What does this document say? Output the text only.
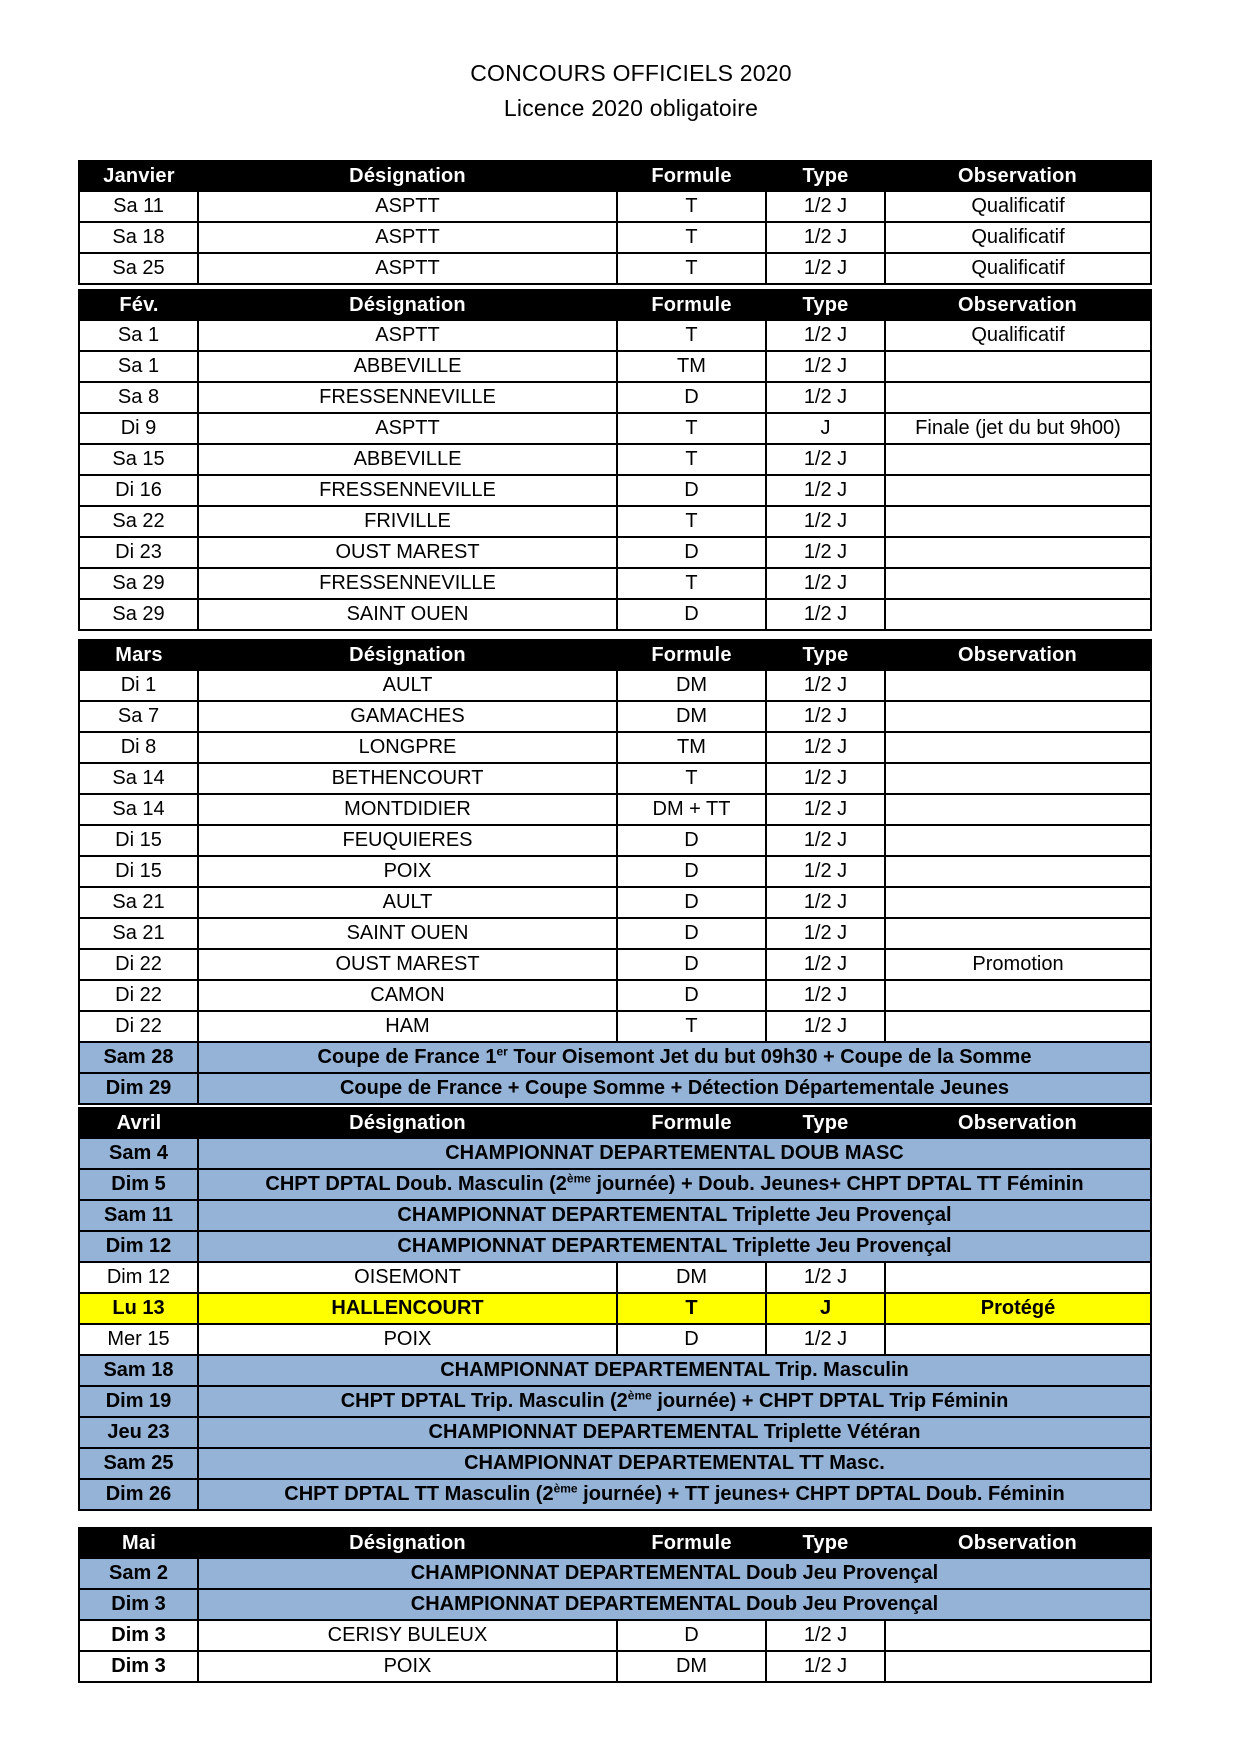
CONCOURS OFFICIELS 2020
Licence 2020 obligatoire
Janvier	Désignation	Formule	Type	Observation
Sa 11	ASPTT	T	1/2 J	Qualificatif
Sa 18	ASPTT	T	1/2 J	Qualificatif
Sa 25	ASPTT	T	1/2 J	Qualificatif
Fév.	Désignation	Formule	Type	Observation
Sa 1	ASPTT	T	1/2 J	Qualificatif
Sa 1	ABBEVILLE	TM	1/2 J	
Sa 8	FRESSENNEVILLE	D	1/2 J	
Di 9	ASPTT	T	J	Finale (jet du but 9h00)
Sa 15	ABBEVILLE	T	1/2 J	
Di 16	FRESSENNEVILLE	D	1/2 J	
Sa 22	FRIVILLE	T	1/2 J	
Di 23	OUST MAREST	D	1/2 J	
Sa 29	FRESSENNEVILLE	T	1/2 J	
Sa 29	SAINT OUEN	D	1/2 J	
Mars	Désignation	Formule	Type	Observation
Di 1	AULT	DM	1/2 J	
Sa 7	GAMACHES	DM	1/2 J	
Di 8	LONGPRE	TM	1/2 J	
Sa 14	BETHENCOURT	T	1/2 J	
Sa 14	MONTDIDIER	DM + TT	1/2 J	
Di 15	FEUQUIERES	D	1/2 J	
Di 15	POIX	D	1/2 J	
Sa 21	AULT	D	1/2 J	
Sa 21	SAINT OUEN	D	1/2 J	
Di 22	OUST MAREST	D	1/2 J	Promotion
Di 22	CAMON	D	1/2 J	
Di 22	HAM	T	1/2 J	
Sam 28	Coupe de France 1er Tour Oisemont Jet du but 09h30 + Coupe de la Somme			
Dim 29	Coupe de France + Coupe Somme + Détection Départementale Jeunes			
Avril	Désignation	Formule	Type	Observation
Sam 4	CHAMPIONNAT DEPARTEMENTAL DOUB MASC			
Dim 5	CHPT DPTAL Doub. Masculin (2ème journée) + Doub. Jeunes+ CHPT DPTAL TT Féminin			
Sam 11	CHAMPIONNAT DEPARTEMENTAL Triplette Jeu Provençal			
Dim 12	CHAMPIONNAT DEPARTEMENTAL Triplette Jeu Provençal			
Dim 12	OISEMONT	DM	1/2 J	
Lu 13	HALLENCOURT	T	J	Protégé
Mer 15	POIX	D	1/2 J	
Sam 18	CHAMPIONNAT DEPARTEMENTAL Trip. Masculin			
Dim 19	CHPT DPTAL Trip. Masculin (2ème journée) + CHPT DPTAL Trip Féminin			
Jeu 23	CHAMPIONNAT DEPARTEMENTAL Triplette Vétéran			
Sam 25	CHAMPIONNAT DEPARTEMENTAL TT Masc.			
Dim 26	CHPT DPTAL TT Masculin (2ème journée) + TT jeunes+ CHPT DPTAL Doub. Féminin			
Mai	Désignation	Formule	Type	Observation
Sam 2	CHAMPIONNAT DEPARTEMENTAL Doub Jeu Provençal			
Dim 3	CHAMPIONNAT DEPARTEMENTAL Doub Jeu Provençal			
Dim 3	CERISY BULEUX	D	1/2 J	
Dim 3	POIX	DM	1/2 J	
